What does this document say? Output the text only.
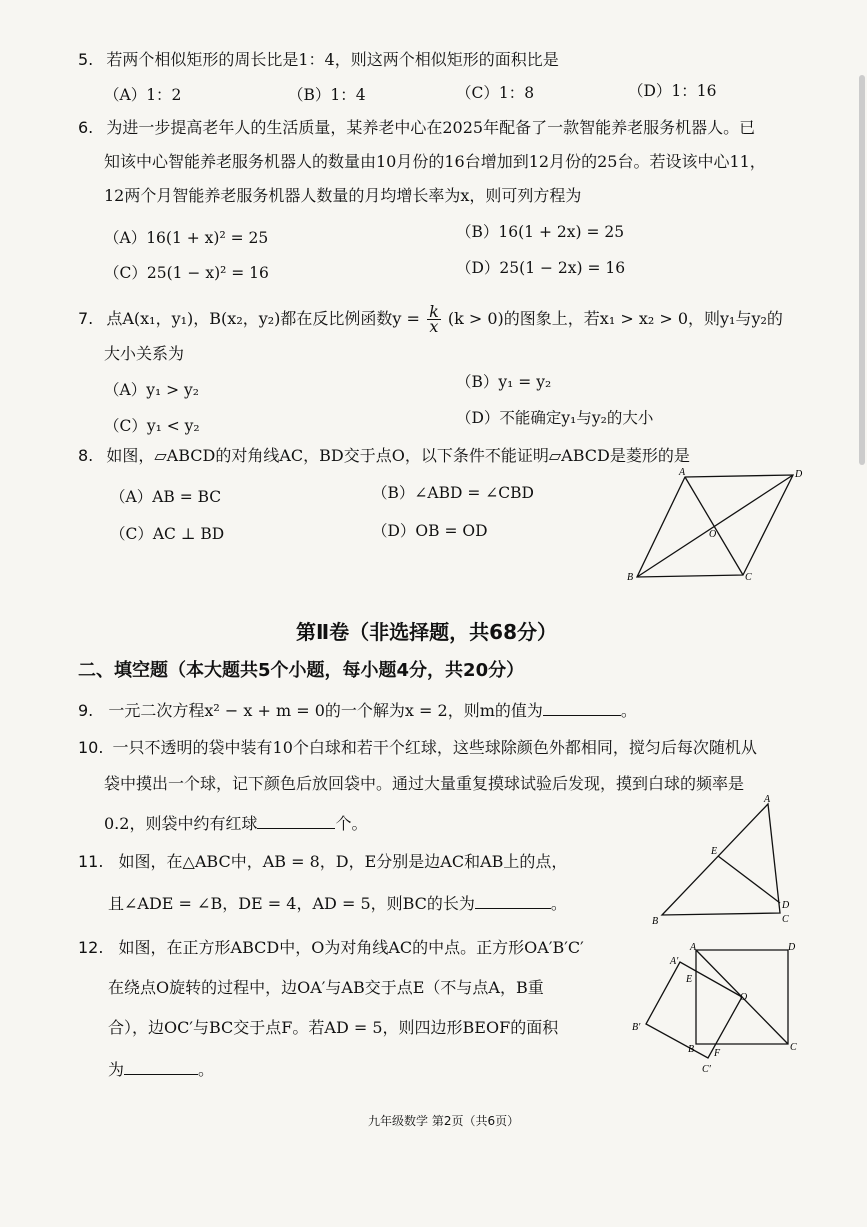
5. 若两个相似矩形的周长比是1：4，则这两个相似矩形的面积比是
（A）1：2	（B）1：4	（C）1：8	（D）1：16
6. 为进一步提高老年人的生活质量，某养老中心在2025年配备了一款智能养老服务机器人。已
知该中心智能养老服务机器人的数量由10月份的16台增加到12月份的25台。若设该中心11，
12两个月智能养老服务机器人数量的月均增长率为x，则可列方程为
（A）16(1 + x)² = 25	（B）16(1 + 2x) = 25
（C）25(1 − x)² = 16	（D）25(1 − 2x) = 16
7. 点A(x₁，y₁)，B(x₂，y₂)都在反比例函数$y = \frac{k}{x} (k > 0)$的图象上，若x₁ > x₂ > 0，则y₁与y₂的
大小关系为
（A）y₁ > y₂	（B）y₁ = y₂
（C）y₁ < y₂	（D）不能确定y₁与y₂的大小
8. 如图，▱ABCD的对角线AC，BD交于点O，以下条件不能证明▱ABCD是菱形的是
（A）AB = BC	（B）∠ABD = ∠CBD
（C）AC ⊥ BD	（D）OB = OD
A	D
O
B	C
第Ⅱ卷（非选择题，共68分）
二、填空题（本大题共5个小题，每小题4分，共20分）
9. 一元二次方程x² − x + m = 0的一个解为x = 2，则m的值为	。
10. 一只不透明的袋中装有10个白球和若干个红球，这些球除颜色外都相同，搅匀后每次随机从
袋中摸出一个球，记下颜色后放回袋中。通过大量重复摸球试验后发现，摸到白球的频率是
0.2，则袋中约有红球	个。
11. 如图，在△ABC中，AB = 8，D，E分别是边AC和AB上的点，
且∠ADE = ∠B，DE = 4，AD = 5，则BC的长为	。
A
E
D
B	C
12. 如图，在正方形ABCD中，O为对角线AC的中点。正方形OA′B′C′
在绕点O旋转的过程中，边OA′与AB交于点E（不与点A，B重
合），边OC′与BC交于点F。若AD = 5，则四边形BEOF的面积
为	。
A	D
A′
E
O
B′
B F
C
C′
九年级数学 第2页（共6页）
